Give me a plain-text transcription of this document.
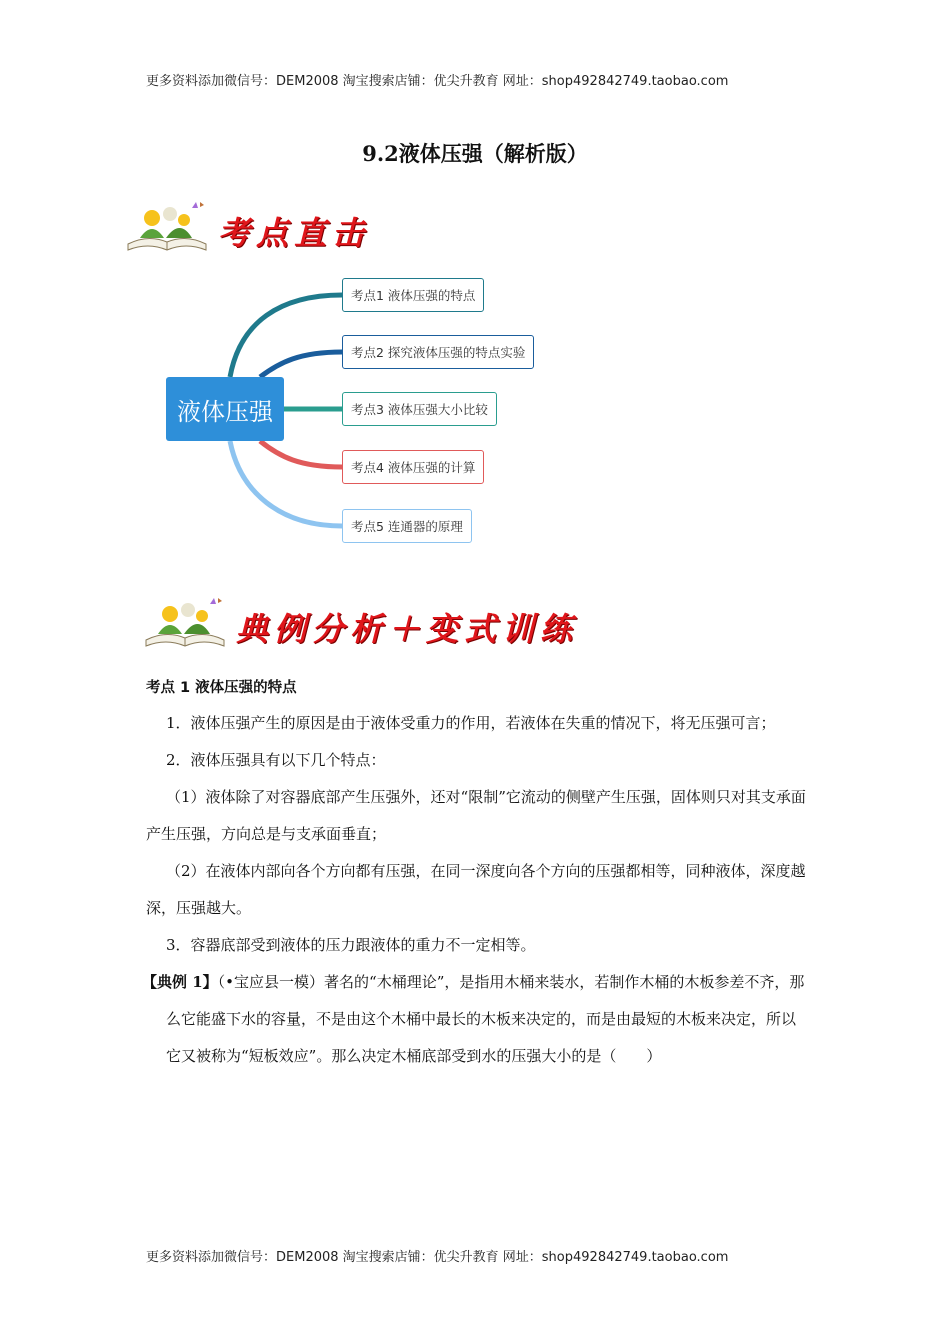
更多资料添加微信号：DEM2008 淘宝搜索店铺：优尖升教育 网址：shop492842749.taobao.com
9.2液体压强（解析版）
考点直击
液体压强
考点1 液体压强的特点
考点2 探究液体压强的特点实验
考点3 液体压强大小比较
考点4 液体压强的计算
考点5 连通器的原理
典例分析＋变式训练
考点 1 液体压强的特点

1．液体压强产生的原因是由于液体受重力的作用，若液体在失重的情况下，将无压强可言；

2．液体压强具有以下几个特点：

（1）液体除了对容器底部产生压强外，还对“限制”它流动的侧壁产生压强，固体则只对其支承面产生压强，方向总是与支承面垂直；

（2）在液体内部向各个方向都有压强，在同一深度向各个方向的压强都相等，同种液体，深度越深，压强越大。

3．容器底部受到液体的压力跟液体的重力不一定相等。

【典例 1】（•宝应县一模）著名的“木桶理论”，是指用木桶来装水，若制作木桶的木板参差不齐，那么它能盛下水的容量，不是由这个木桶中最长的木板来决定的，而是由最短的木板来决定，所以它又被称为“短板效应”。那么决定木桶底部受到水的压强大小的是（　　）

更多资料添加微信号：DEM2008 淘宝搜索店铺：优尖升教育 网址：shop492842749.taobao.com
